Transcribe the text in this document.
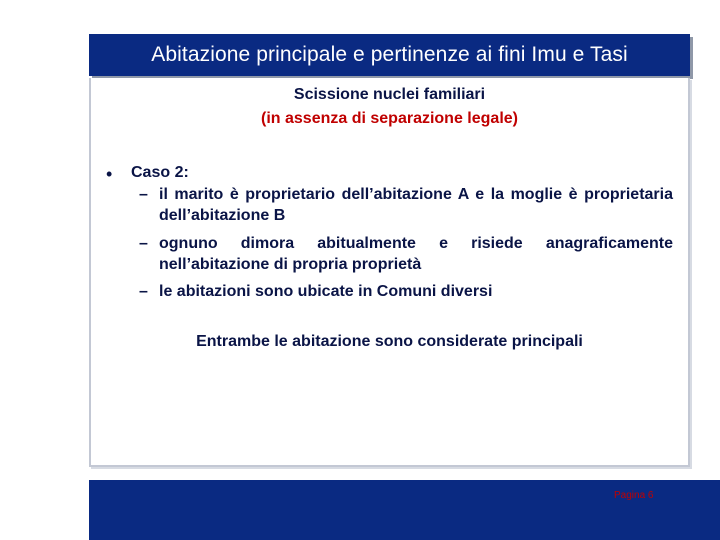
Abitazione principale e pertinenze ai fini Imu e Tasi
Scissione nuclei familiari
(in assenza di separazione legale)
• Caso 2:
– il marito è proprietario dell’abitazione A e la moglie è proprietaria dell’abitazione B
– ognuno dimora abitualmente e risiede anagraficamente nell’abitazione di propria proprietà
– le abitazioni sono ubicate in Comuni diversi
Entrambe le abitazione sono considerate principali
Pagina 6
